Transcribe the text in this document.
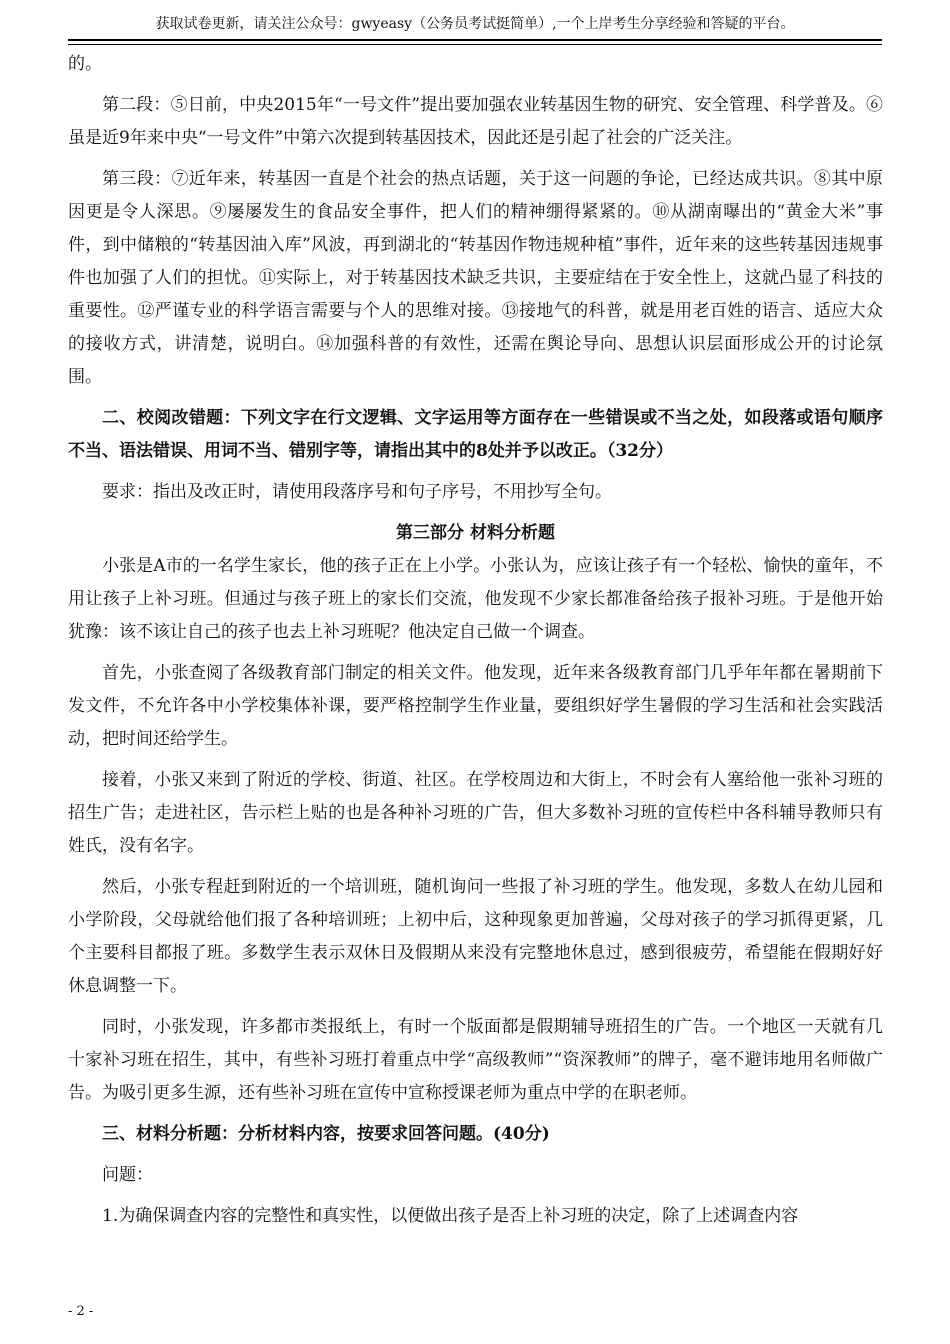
获取试卷更新，请关注公众号：gwyeasy（公务员考试挺简单）,一个上岸考生分享经验和答疑的平台。

的。

第二段：⑤日前，中央2015年“一号文件”提出要加强农业转基因生物的研究、安全管理、科学普及。⑥虽是近9年来中央“一号文件”中第六次提到转基因技术，因此还是引起了社会的广泛关注。

第三段：⑦近年来，转基因一直是个社会的热点话题，关于这一问题的争论，已经达成共识。⑧其中原因更是令人深思。⑨屡屡发生的食品安全事件，把人们的精神绷得紧紧的。⑩从湖南曝出的“黄金大米”事件，到中储粮的“转基因油入库”风波，再到湖北的“转基因作物违规种植”事件，近年来的这些转基因违规事件也加强了人们的担忧。⑪实际上，对于转基因技术缺乏共识，主要症结在于安全性上，这就凸显了科技的重要性。⑫严谨专业的科学语言需要与个人的思维对接。⑬接地气的科普，就是用老百姓的语言、适应大众的接收方式，讲清楚，说明白。⑭加强科普的有效性，还需在舆论导向、思想认识层面形成公开的讨论氛围。

二、校阅改错题：下列文字在行文逻辑、文字运用等方面存在一些错误或不当之处，如段落或语句顺序不当、语法错误、用词不当、错别字等，请指出其中的8处并予以改正。（32分）

要求：指出及改正时，请使用段落序号和句子序号，不用抄写全句。

第三部分 材料分析题

小张是A市的一名学生家长，他的孩子正在上小学。小张认为，应该让孩子有一个轻松、愉快的童年，不用让孩子上补习班。但通过与孩子班上的家长们交流，他发现不少家长都准备给孩子报补习班。于是他开始犹豫：该不该让自己的孩子也去上补习班呢？他决定自己做一个调查。

首先，小张查阅了各级教育部门制定的相关文件。他发现，近年来各级教育部门几乎年年都在暑期前下发文件，不允许各中小学校集体补课，要严格控制学生作业量，要组织好学生暑假的学习生活和社会实践活动，把时间还给学生。

接着，小张又来到了附近的学校、街道、社区。在学校周边和大街上，不时会有人塞给他一张补习班的招生广告；走进社区，告示栏上贴的也是各种补习班的广告，但大多数补习班的宣传栏中各科辅导教师只有姓氏，没有名字。

然后，小张专程赶到附近的一个培训班，随机询问一些报了补习班的学生。他发现，多数人在幼儿园和小学阶段，父母就给他们报了各种培训班；上初中后，这种现象更加普遍，父母对孩子的学习抓得更紧，几个主要科目都报了班。多数学生表示双休日及假期从来没有完整地休息过，感到很疲劳，希望能在假期好好休息调整一下。

同时，小张发现，许多都市类报纸上，有时一个版面都是假期辅导班招生的广告。一个地区一天就有几十家补习班在招生，其中，有些补习班打着重点中学“高级教师”“资深教师”的牌子，毫不避讳地用名师做广告。为吸引更多生源，还有些补习班在宣传中宣称授课老师为重点中学的在职老师。

三、材料分析题：分析材料内容，按要求回答问题。(40分)

问题：

1.为确保调查内容的完整性和真实性，以便做出孩子是否上补习班的决定，除了上述调查内容

- 2 -
